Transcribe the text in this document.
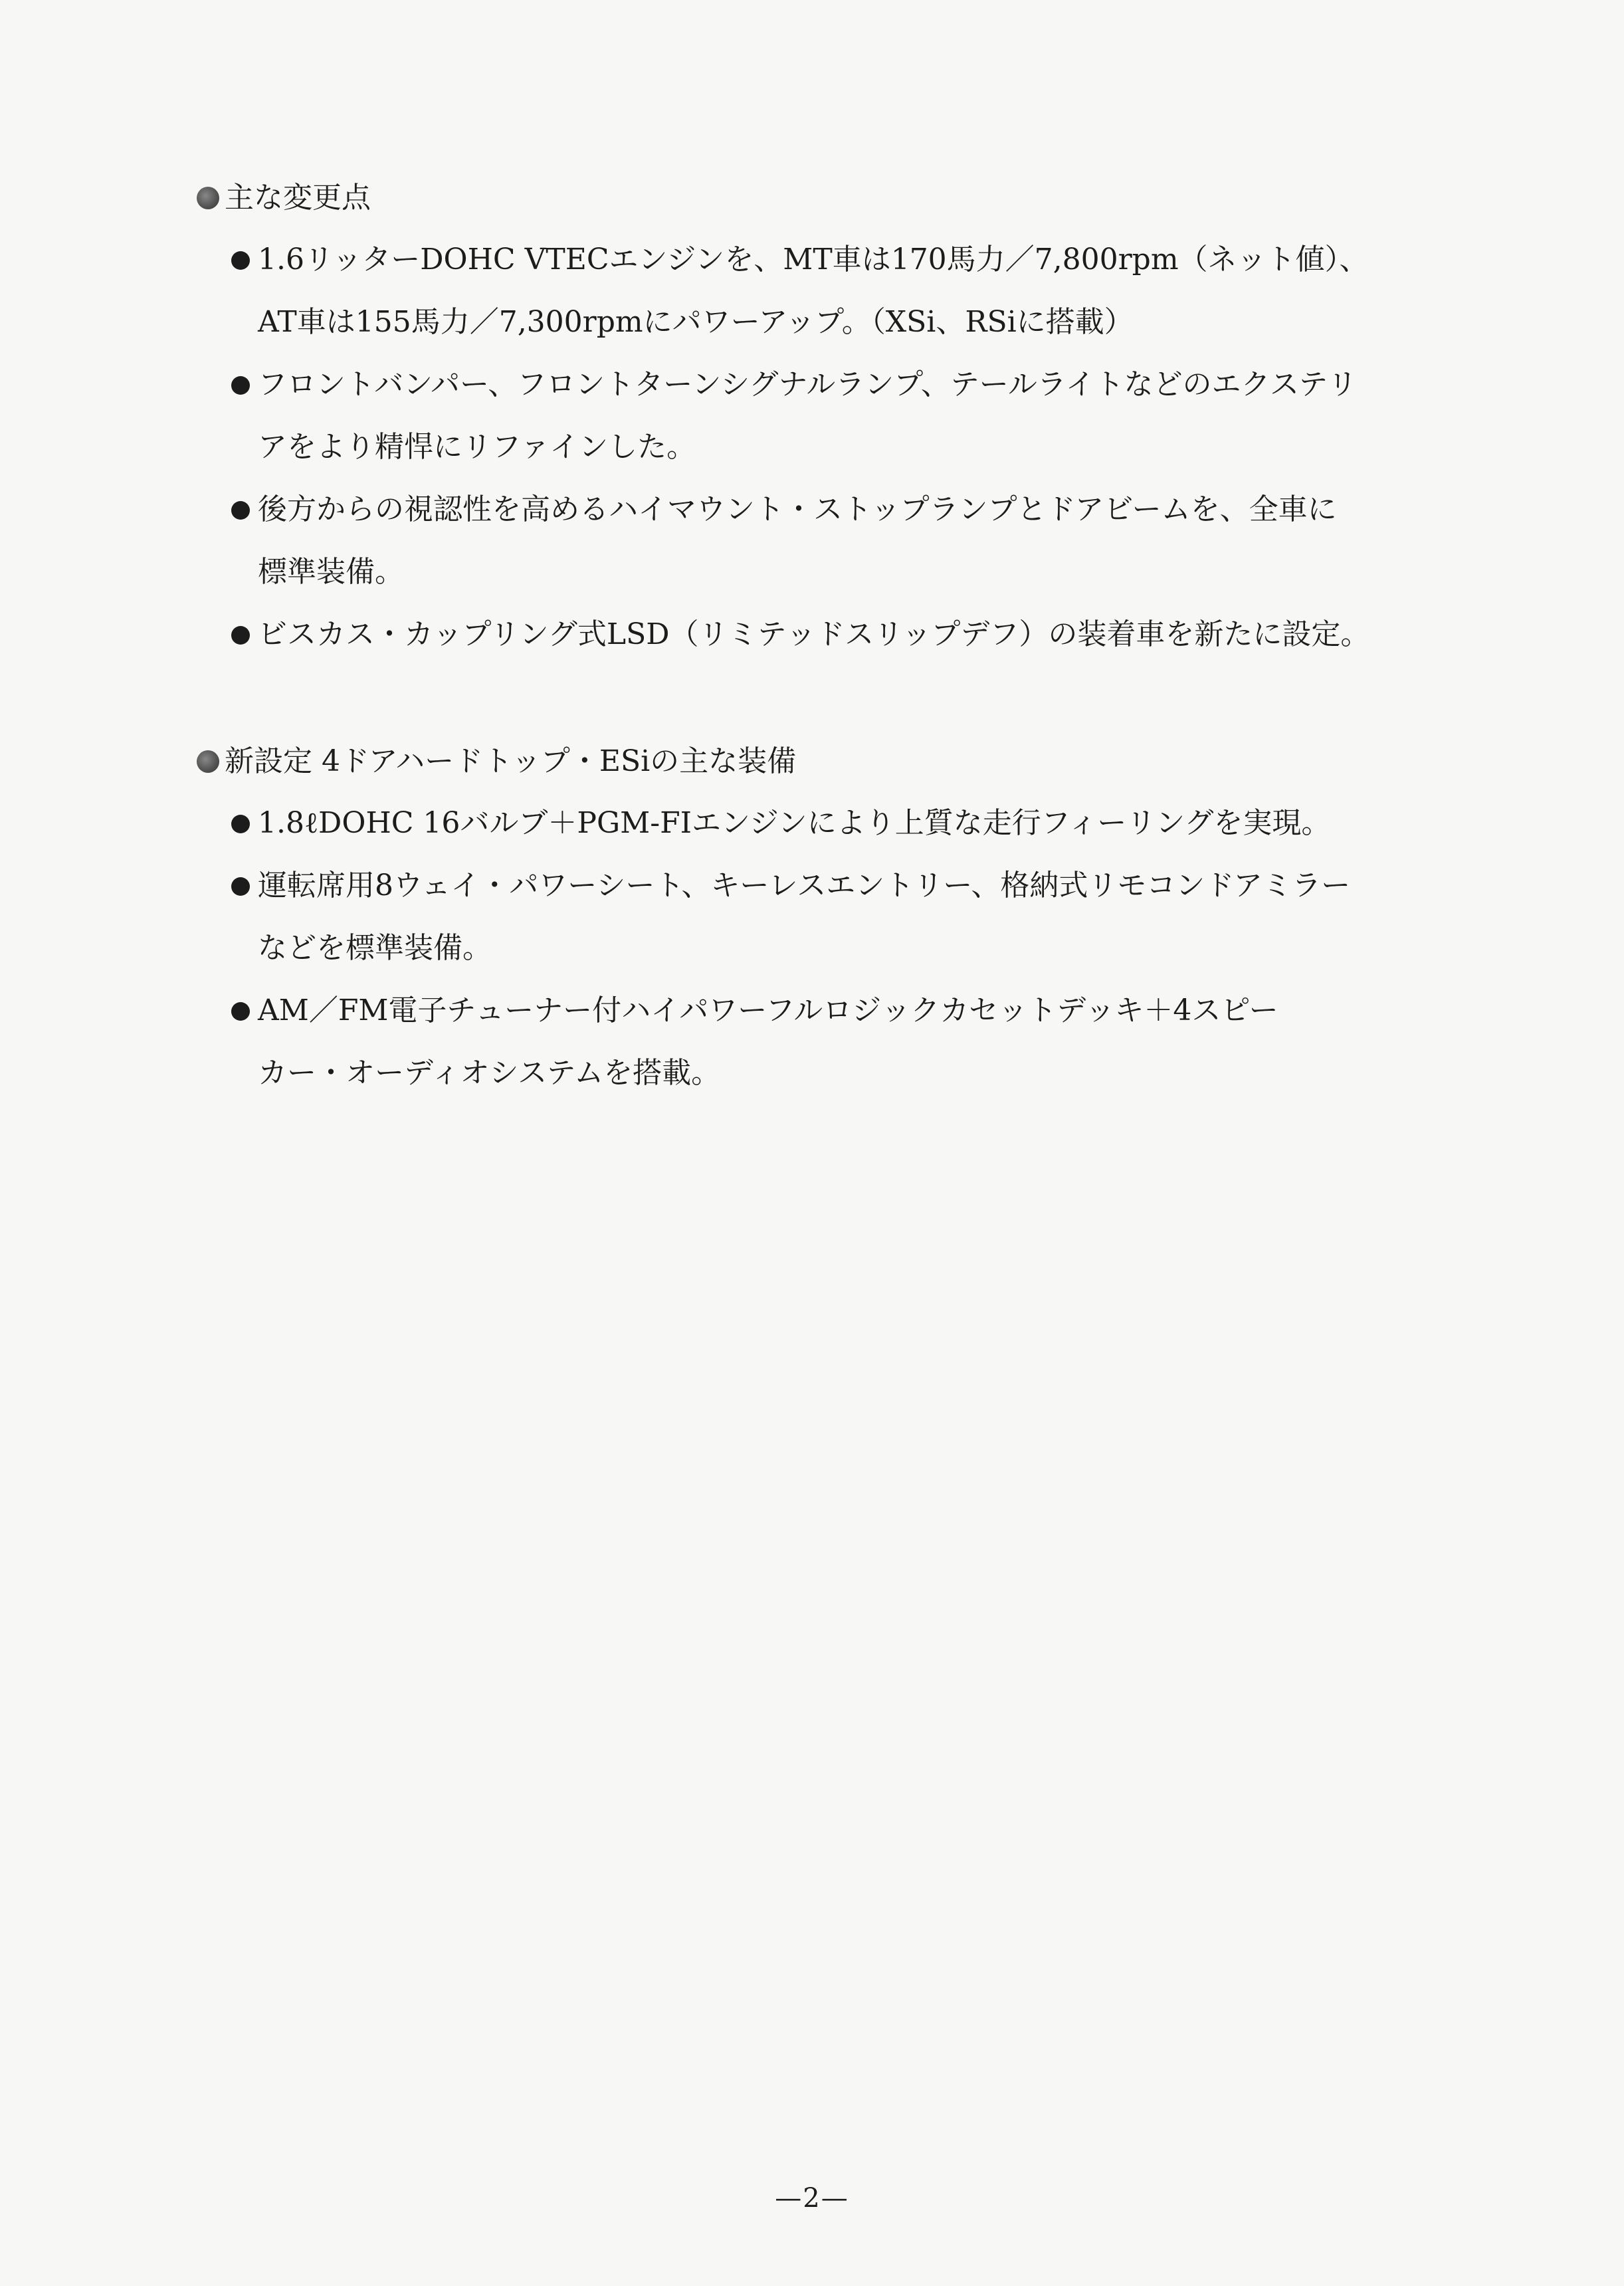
主な変更点
1.6リッターDOHC VTECエンジンを、MT車は170馬力／7,800rpm（ネット値）、
AT車は155馬力／7,300rpmにパワーアップ。（XSi、RSiに搭載）
フロントバンパー、フロントターンシグナルランプ、テールライトなどのエクステリ
アをより精悍にリファインした。
後方からの視認性を高めるハイマウント・ストップランプとドアビームを、全車に
標準装備。
ビスカス・カップリング式LSD（リミテッドスリップデフ）の装着車を新たに設定。
新設定 4ドアハードトップ・ESiの主な装備
1.8ℓDOHC 16バルブ＋PGM-FIエンジンにより上質な走行フィーリングを実現。
運転席用8ウェイ・パワーシート、キーレスエントリー、格納式リモコンドアミラー
などを標準装備。
AM／FM電子チューナー付ハイパワーフルロジックカセットデッキ＋4スピー
カー・オーディオシステムを搭載。
—2—
